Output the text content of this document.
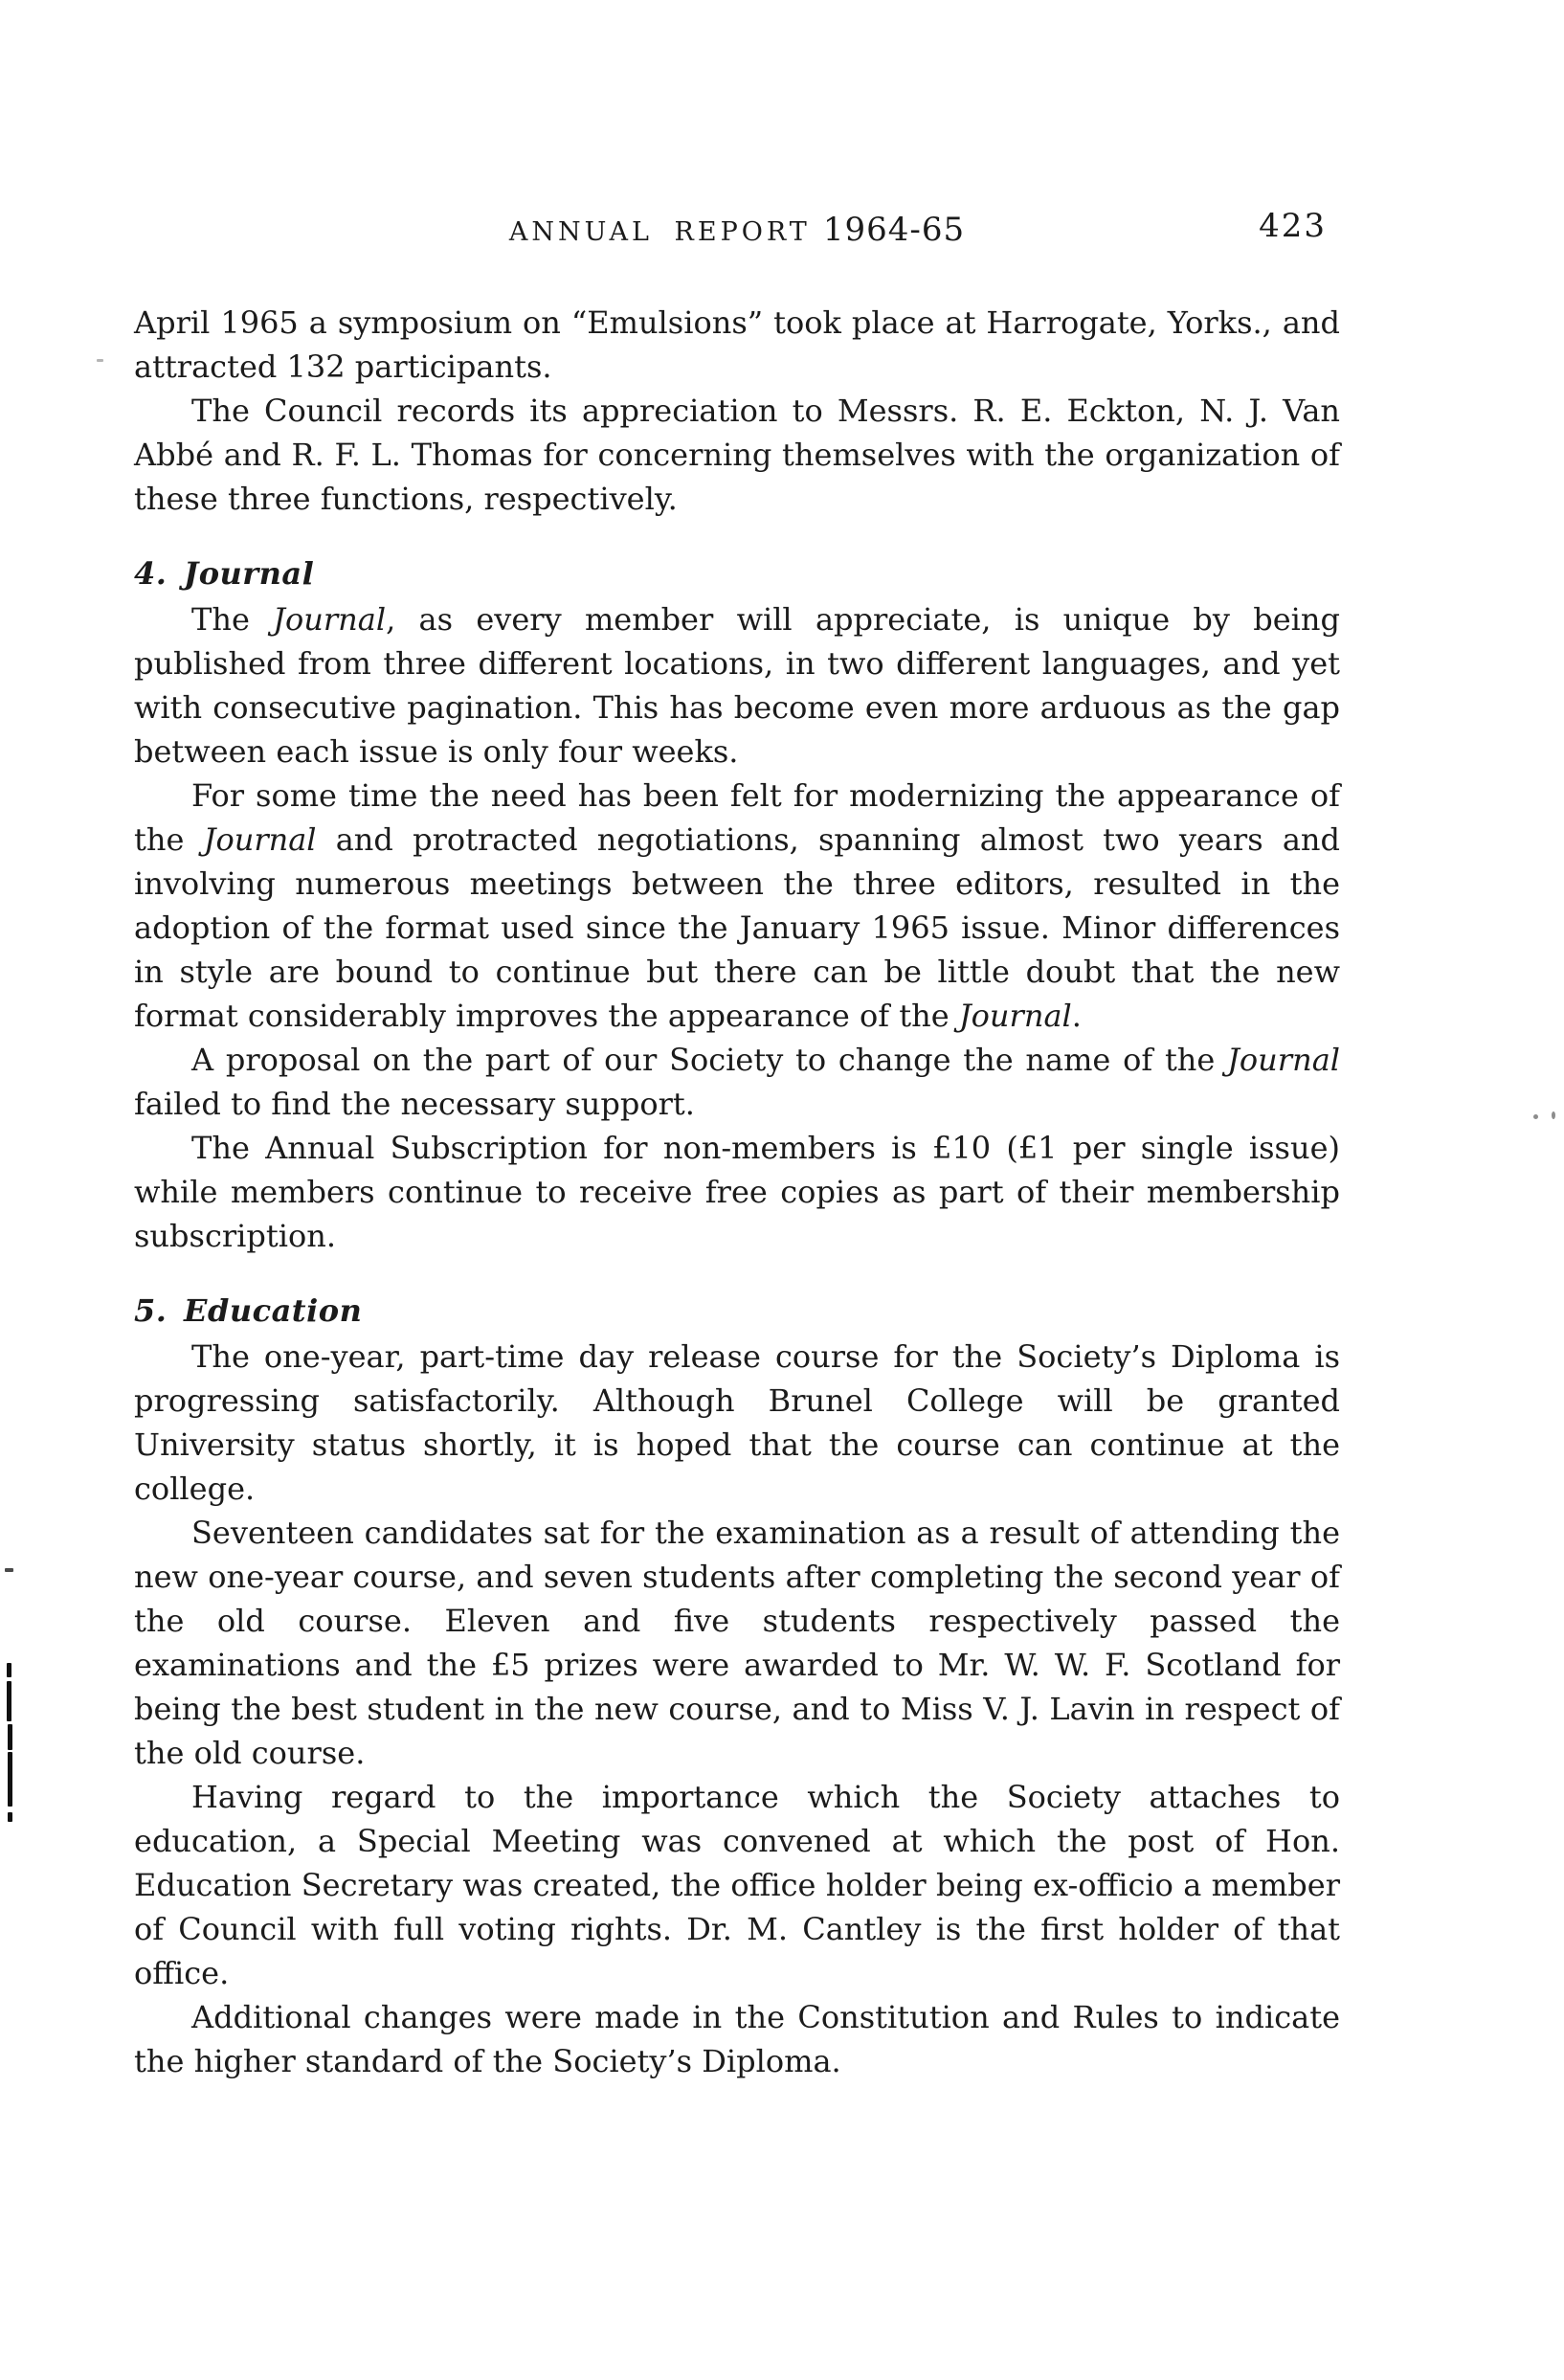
ANNUAL REPORT 1964-65	423

April 1965 a symposium on “Emulsions” took place at Harrogate, Yorks., and attracted 132 participants.

The Council records its appreciation to Messrs. R. E. Eckton, N. J. Van Abbé and R. F. L. Thomas for concerning themselves with the organization of these three functions, respectively.

4. Journal

The Journal, as every member will appreciate, is unique by being published from three different locations, in two different languages, and yet with consecutive pagination. This has become even more arduous as the gap between each issue is only four weeks.

For some time the need has been felt for modernizing the appearance of the Journal and protracted negotiations, spanning almost two years and involving numerous meetings between the three editors, resulted in the adoption of the format used since the January 1965 issue. Minor differences in style are bound to continue but there can be little doubt that the new format considerably improves the appearance of the Journal.

A proposal on the part of our Society to change the name of the Journal failed to find the necessary support.

The Annual Subscription for non-members is £10 (£1 per single issue) while members continue to receive free copies as part of their membership subscription.

5. Education

The one-year, part-time day release course for the Society’s Diploma is progressing satisfactorily. Although Brunel College will be granted University status shortly, it is hoped that the course can continue at the college.

Seventeen candidates sat for the examination as a result of attending the new one-year course, and seven students after completing the second year of the old course. Eleven and five students respectively passed the examinations and the £5 prizes were awarded to Mr. W. W. F. Scotland for being the best student in the new course, and to Miss V. J. Lavin in respect of the old course.

Having regard to the importance which the Society attaches to education, a Special Meeting was convened at which the post of Hon. Education Secretary was created, the office holder being ex-officio a member of Council with full voting rights. Dr. M. Cantley is the first holder of that office.

Additional changes were made in the Constitution and Rules to indicate the higher standard of the Society’s Diploma.
